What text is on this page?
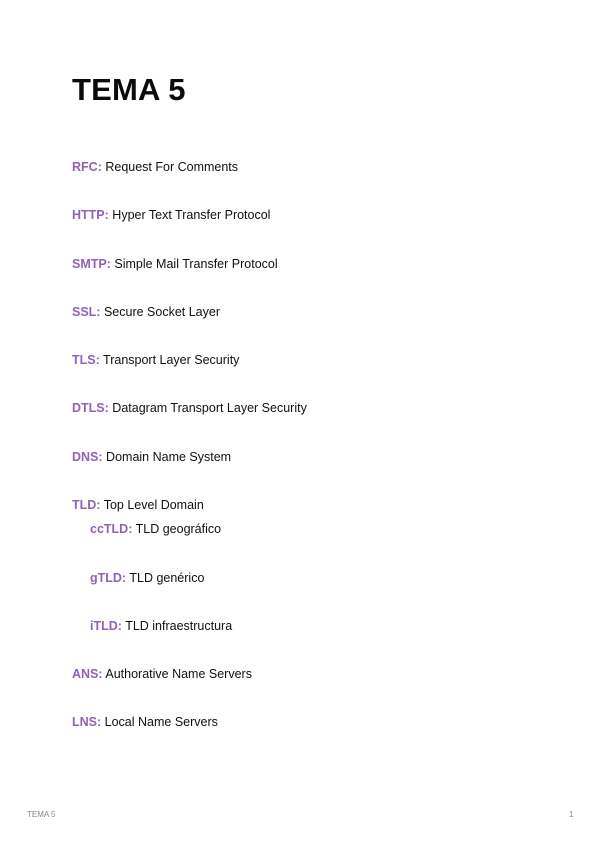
TEMA 5
RFC: Request For Comments
HTTP: Hyper Text Transfer Protocol
SMTP: Simple Mail Transfer Protocol
SSL: Secure Socket Layer
TLS: Transport Layer Security
DTLS: Datagram Transport Layer Security
DNS: Domain Name System
TLD: Top Level Domain
ccTLD: TLD geográfico
gTLD: TLD genérico
iTLD: TLD infraestructura
ANS: Authorative Name Servers
LNS: Local Name Servers
TEMA 5	1
